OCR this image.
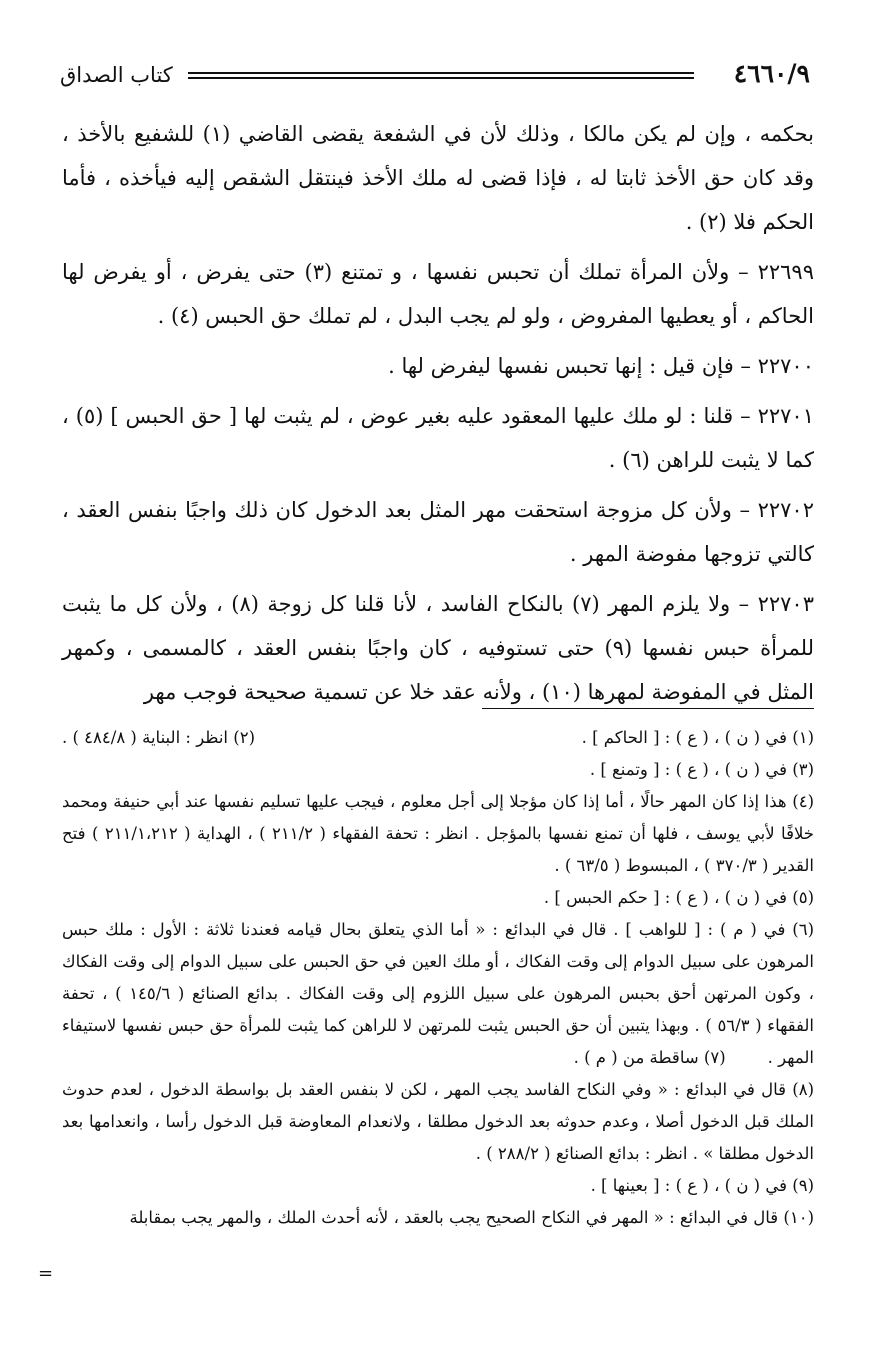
٤٦٦٠/٩
كتاب الصداق

بحكمه ، وإن لم يكن مالكا ، وذلك لأن في الشفعة يقضى القاضي (١) للشفيع بالأخذ ، وقد كان حق الأخذ ثابتا له ، فإذا قضى له ملك الأخذ فينتقل الشقص إليه فيأخذه ، فأما الحكم فلا (٢) .

٢٢٦٩٩ – ولأن المرأة تملك أن تحبس نفسها ، و تمتنع (٣) حتى يفرض ، أو يفرض لها الحاكم ، أو يعطيها المفروض ، ولو لم يجب البدل ، لم تملك حق الحبس (٤) .

٢٢٧٠٠ – فإن قيل : إنها تحبس نفسها ليفرض لها .

٢٢٧٠١ – قلنا : لو ملك عليها المعقود عليه بغير عوض ، لم يثبت لها [ حق الحبس ] (٥) ، كما لا يثبت للراهن (٦) .

٢٢٧٠٢ – ولأن كل مزوجة استحقت مهر المثل بعد الدخول كان ذلك واجبًا بنفس العقد ، كالتي تزوجها مفوضة المهر .

٢٢٧٠٣ – ولا يلزم المهر (٧) بالنكاح الفاسد ، لأنا قلنا كل زوجة (٨) ، ولأن كل ما يثبت للمرأة حبس نفسها (٩) حتى تستوفيه ، كان واجبًا بنفس العقد ، كالمسمى ، وكمهر المثل في المفوضة لمهرها (١٠) ، ولأنه عقد خلا عن تسمية صحيحة فوجب مهر

(١) في ( ن ) ، ( ع ) : [ الحاكم ] .
(٢) انظر : البناية ( ٤٨٤/٨ ) .

(٣) في ( ن ) ، ( ع ) : [ وتمنع ] .

(٤) هذا إذا كان المهر حالًا ، أما إذا كان مؤجلا إلى أجل معلوم ، فيجب عليها تسليم نفسها عند أبي حنيفة ومحمد خلافًا لأبي يوسف ، فلها أن تمنع نفسها بالمؤجل . انظر : تحفة الفقهاء ( ٢١١/٢ ) ، الهداية ( ٢١١/١،٢١٢ ) فتح القدير ( ٣٧٠/٣ ) ، المبسوط ( ٦٣/٥ ) .

(٥) في ( ن ) ، ( ع ) : [ حكم الحبس ] .

(٦) في ( م ) : [ للواهب ] . قال في البدائع : « أما الذي يتعلق بحال قيامه فعندنا ثلاثة : الأول : ملك حبس المرهون على سبيل الدوام إلى وقت الفكاك ، أو ملك العين في حق الحبس على سبيل الدوام إلى وقت الفكاك ، وكون المرتهن أحق بحبس المرهون على سبيل اللزوم إلى وقت الفكاك . بدائع الصنائع ( ١٤٥/٦ ) ، تحفة الفقهاء ( ٥٦/٣ ) . وبهذا يتبين أن حق الحبس يثبت للمرتهن لا للراهن كما يثبت للمرأة حق حبس نفسها لاستيفاء المهر .        (٧) ساقطة من ( م ) .

(٨) قال في البدائع : « وفي النكاح الفاسد يجب المهر ، لكن لا بنفس العقد بل بواسطة الدخول ، لعدم حدوث الملك قبل الدخول أصلا ، وعدم حدوثه بعد الدخول مطلقا ، ولانعدام المعاوضة قبل الدخول رأسا ، وانعدامها بعد الدخول مطلقا » . انظر : بدائع الصنائع ( ٢٨٨/٢ ) .

(٩) في ( ن ) ، ( ع ) : [ بعينها ] .

(١٠) قال في البدائع : « المهر في النكاح الصحيح يجب بالعقد ، لأنه أحدث الملك ، والمهر يجب بمقابلة

=
